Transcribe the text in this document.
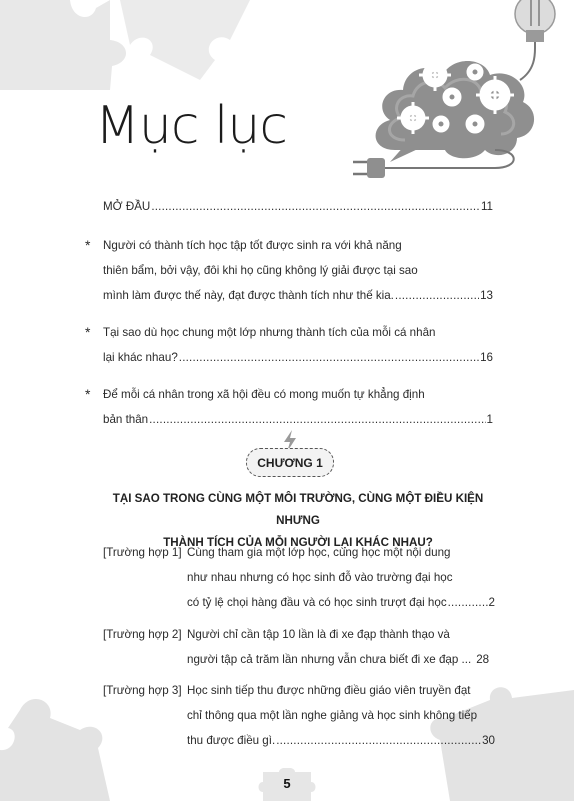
Mục lục
MỞ ĐẦU .....	11
*	Người có thành tích học tập tốt được sinh ra với khả năng
thiên bẩm, bởi vậy, đôi khi họ cũng không lý giải được tại sao
mình làm được thế này, đạt được thành tích như thế kia. .....	13
*	Tại sao dù học chung một lớp nhưng thành tích của mỗi cá nhân
lại khác nhau? .....	16
*	Để mỗi cá nhân trong xã hội đều có mong muốn tự khẳng định
bản thân .....	1
CHƯƠNG 1
TẠI SAO TRONG CÙNG MỘT MÔI TRƯỜNG, CÙNG MỘT ĐIỀU KIỆN NHƯNG
THÀNH TÍCH CỦA MỖI NGƯỜI LẠI KHÁC NHAU?
[Trường hợp 1] Cùng tham gia một lớp học, cùng học một nội dung
như nhau nhưng có học sinh đỗ vào trường đại học
có tỷ lệ chọi hàng đầu và có học sinh trượt đại học .....	2
[Trường hợp 2] Người chỉ cần tập 10 lần là đi xe đạp thành thạo và
người tập cả trăm lần nhưng vẫn chưa biết đi xe đạp ... 28
[Trường hợp 3] Học sinh tiếp thu được những điều giáo viên truyền đạt
chỉ thông qua một lần nghe giảng và học sinh không tiếp
thu được điều gì. .....	30
5
